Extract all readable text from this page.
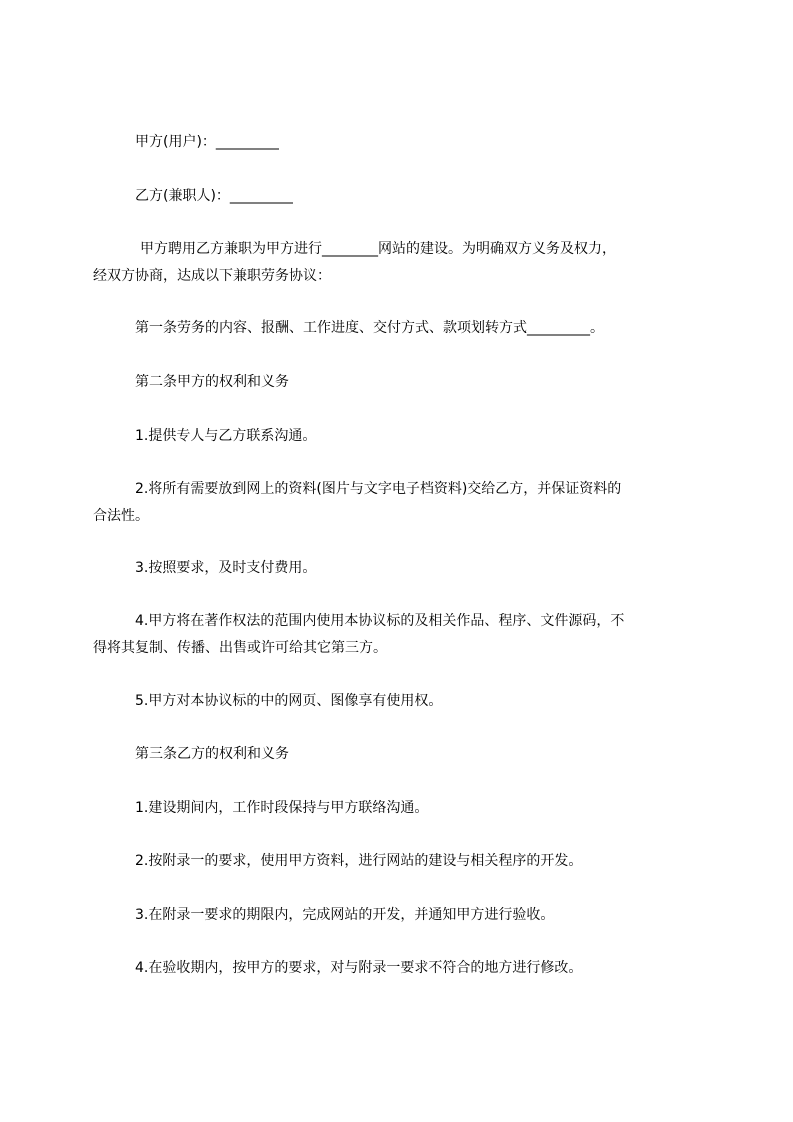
甲方(用户)：_________

乙方(兼职人)：_________

甲方聘用乙方兼职为甲方进行________网站的建设。为明确双方义务及权力，

经双方协商，达成以下兼职劳务协议：

第一条劳务的内容、报酬、工作进度、交付方式、款项划转方式_________。

第二条甲方的权利和义务

1.提供专人与乙方联系沟通。

2.将所有需要放到网上的资料(图片与文字电子档资料)交给乙方，并保证资料的

合法性。

3.按照要求，及时支付费用。

4.甲方将在著作权法的范围内使用本协议标的及相关作品、程序、文件源码，不

得将其复制、传播、出售或许可给其它第三方。

5.甲方对本协议标的中的网页、图像享有使用权。

第三条乙方的权利和义务

1.建设期间内，工作时段保持与甲方联络沟通。

2.按附录一的要求，使用甲方资料，进行网站的建设与相关程序的开发。

3.在附录一要求的期限内，完成网站的开发，并通知甲方进行验收。

4.在验收期内，按甲方的要求，对与附录一要求不符合的地方进行修改。
